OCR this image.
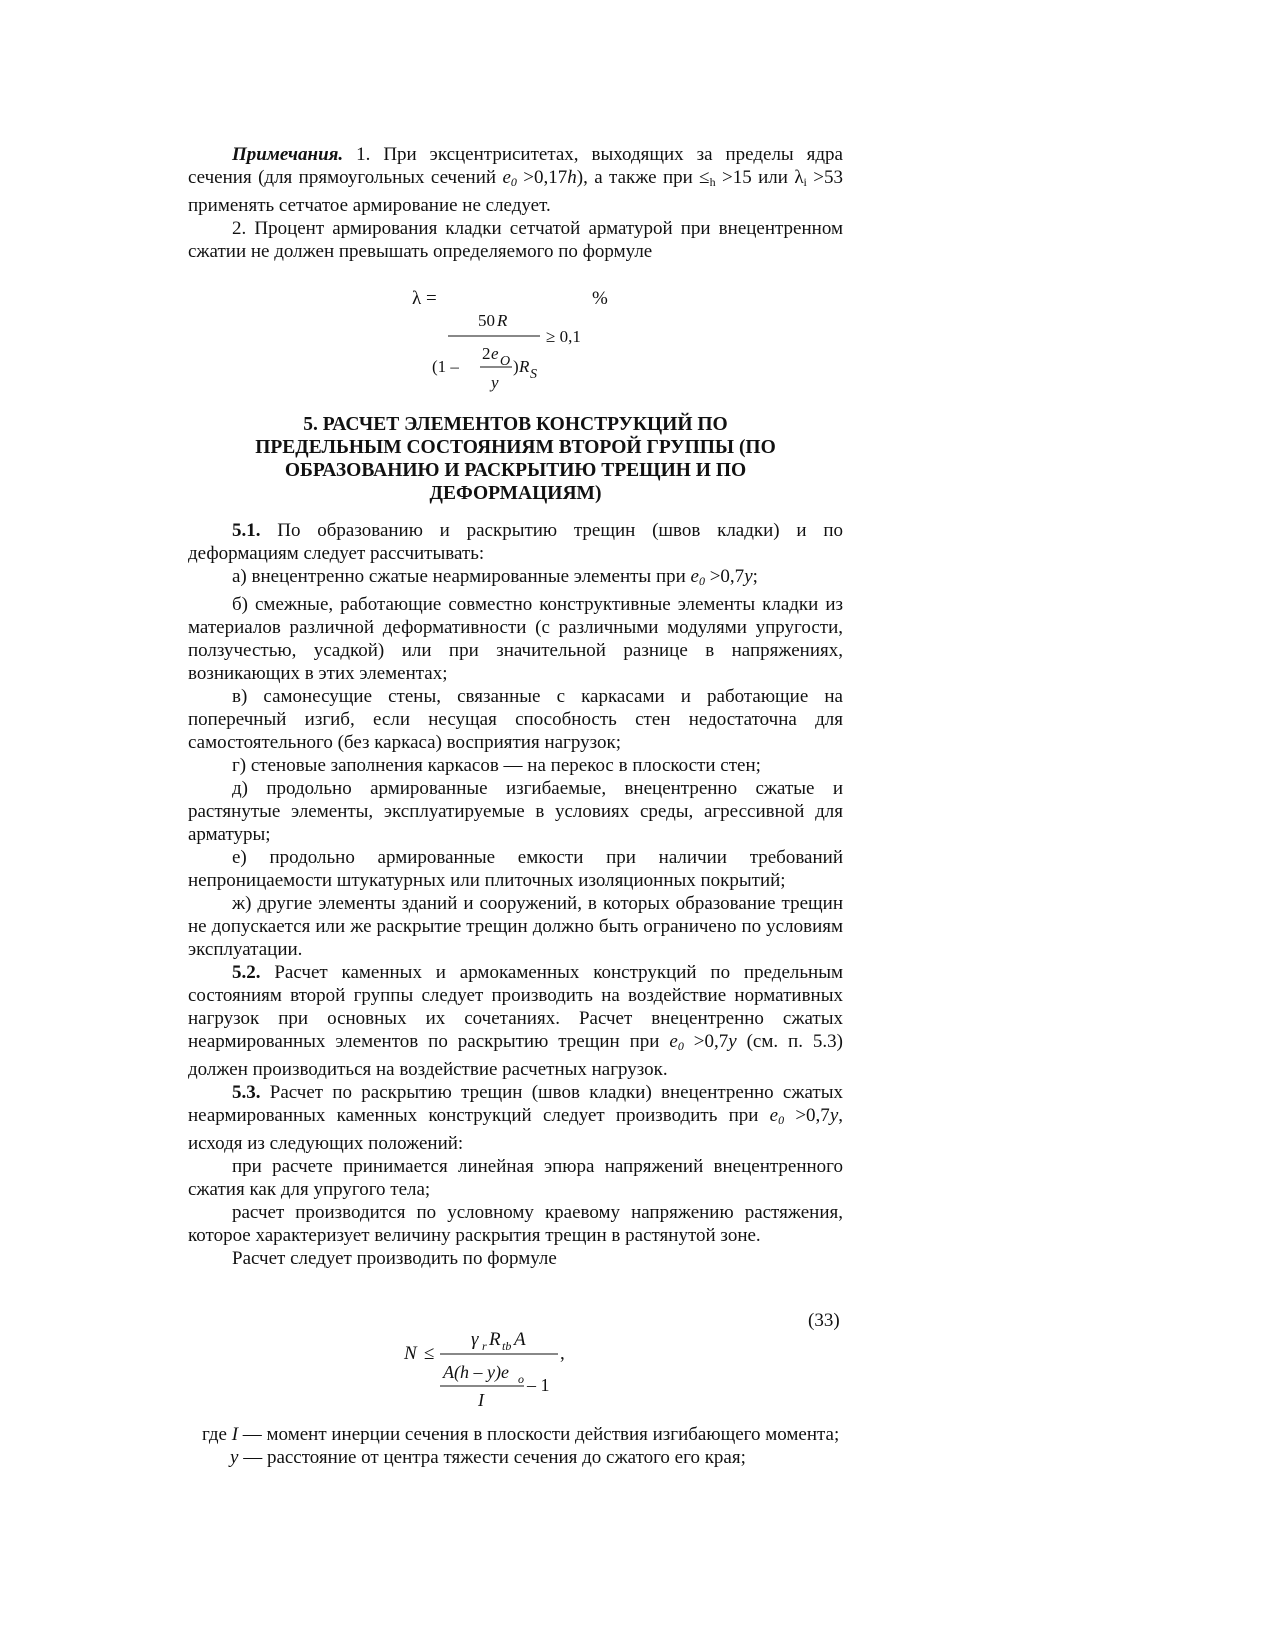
Примечания. 1. При эксцентриситетах, выходящих за пределы ядра сечения (для прямоугольных сечений $e_0 >0,17h$), а также при $\le_h >15$ или $\lambda_i >53$ применять сетчатое армирование не следует.

2. Процент армирования кладки сетчатой арматурой при внецентренном сжатии не должен превышать определяемого по формуле

λ =	%
50 R
≥ 0,1
2 e O
(1 –	) R S
y
5. РАСЧЕТ ЭЛЕМЕНТОВ КОНСТРУКЦИЙ ПО
ПРЕДЕЛЬНЫМ СОСТОЯНИЯМ ВТОРОЙ ГРУППЫ (ПО
ОБРАЗОВАНИЮ И РАСКРЫТИЮ ТРЕЩИН И ПО
ДЕФОРМАЦИЯМ)

5.1. По образованию и раскрытию трещин (швов кладки) и по деформациям следует рассчитывать:

а) внецентренно сжатые неармированные элементы при $e_0 >0,7y$;

б) смежные, работающие совместно конструктивные элементы кладки из материалов различной деформативности (с различными модулями упругости, ползучестью, усадкой) или при значительной разнице в напряжениях, возникающих в этих элементах;

в) самонесущие стены, связанные с каркасами и работающие на поперечный изгиб, если несущая способность стен недостаточна для самостоятельного (без каркаса) восприятия нагрузок;

г) стеновые заполнения каркасов — на перекос в плоскости стен;

д) продольно армированные изгибаемые, внецентренно сжатые и растянутые элементы, эксплуатируемые в условиях среды, агрессивной для арматуры;

е) продольно армированные емкости при наличии требований непроницаемости штукатурных или плиточных изоляционных покрытий;

ж) другие элементы зданий и сооружений, в которых образование трещин не допускается или же раскрытие трещин должно быть ограничено по условиям эксплуатации.

5.2. Расчет каменных и армокаменных конструкций по предельным состояниям второй группы следует производить на воздействие нормативных нагрузок при основных их сочетаниях. Расчет внецентренно сжатых неармированных элементов по раскрытию трещин при $e_0 >0,7y$ (см. п. 5.3) должен производиться на воздействие расчетных нагрузок.

5.3. Расчет по раскрытию трещин (швов кладки) внецентренно сжатых неармированных каменных конструкций следует производить при $e_0 >0,7y$, исходя из следующих положений:

при расчете принимается линейная эпюра напряжений внецентренного сжатия как для упругого тела;

расчет производится по условному краевому напряжению растяжения, которое характеризует величину раскрытия трещин в растянутой зоне.

Расчет следует производить по формуле

(33)
N ≤
γ r R tb A
,
A(h – y)e o – 1
I
где I — момент инерции сечения в плоскости действия изгибающего момента;
y — расстояние от центра тяжести сечения до сжатого его края;
